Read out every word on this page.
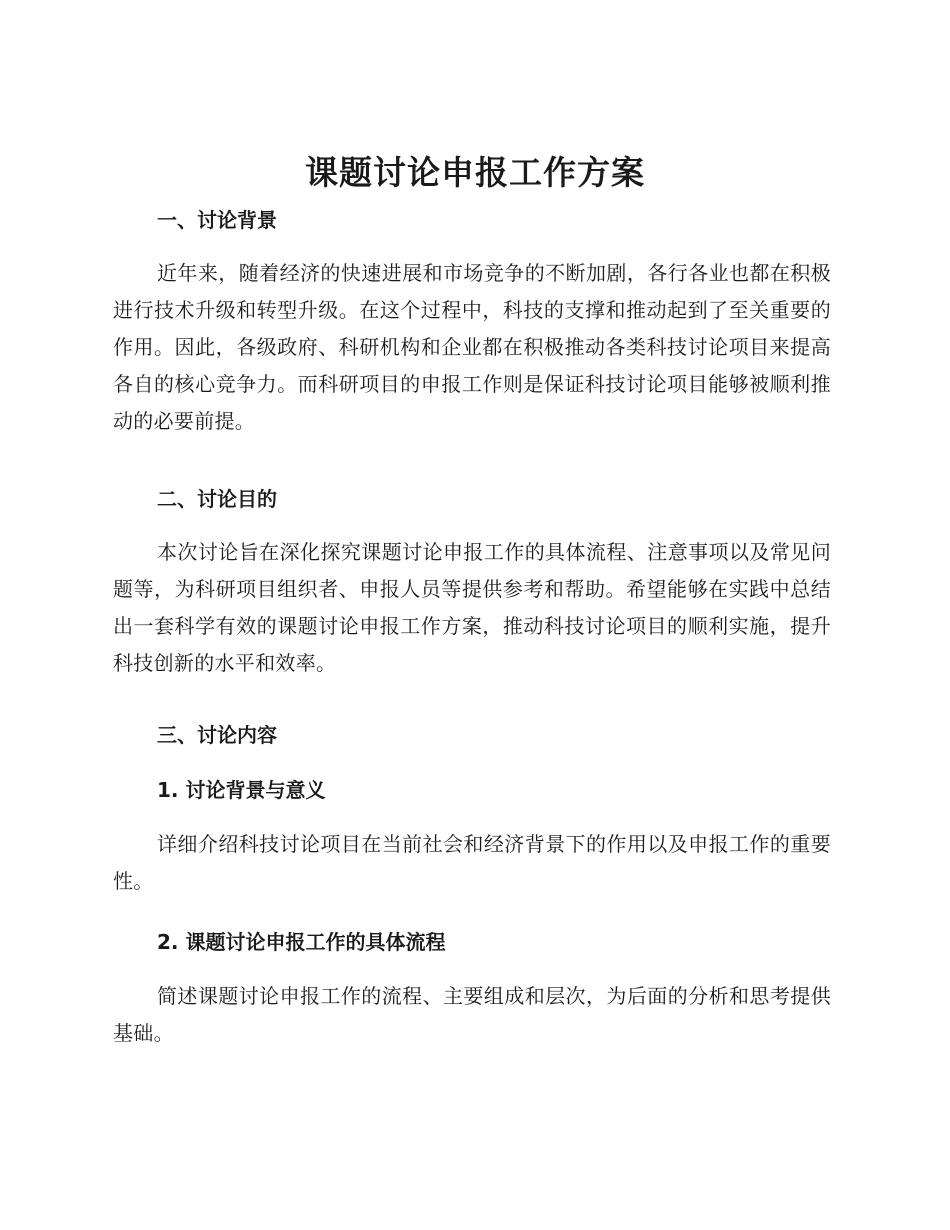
课题讨论申报工作方案
一、讨论背景

近年来，随着经济的快速进展和市场竞争的不断加剧，各行各业也都在积极进行技术升级和转型升级。在这个过程中，科技的支撑和推动起到了至关重要的作用。因此，各级政府、科研机构和企业都在积极推动各类科技讨论项目来提高各自的核心竞争力。而科研项目的申报工作则是保证科技讨论项目能够被顺利推动的必要前提。

二、讨论目的

本次讨论旨在深化探究课题讨论申报工作的具体流程、注意事项以及常见问题等，为科研项目组织者、申报人员等提供参考和帮助。希望能够在实践中总结出一套科学有效的课题讨论申报工作方案，推动科技讨论项目的顺利实施，提升科技创新的水平和效率。

三、讨论内容
1. 讨论背景与意义

详细介绍科技讨论项目在当前社会和经济背景下的作用以及申报工作的重要性。

2. 课题讨论申报工作的具体流程

简述课题讨论申报工作的流程、主要组成和层次，为后面的分析和思考提供基础。
